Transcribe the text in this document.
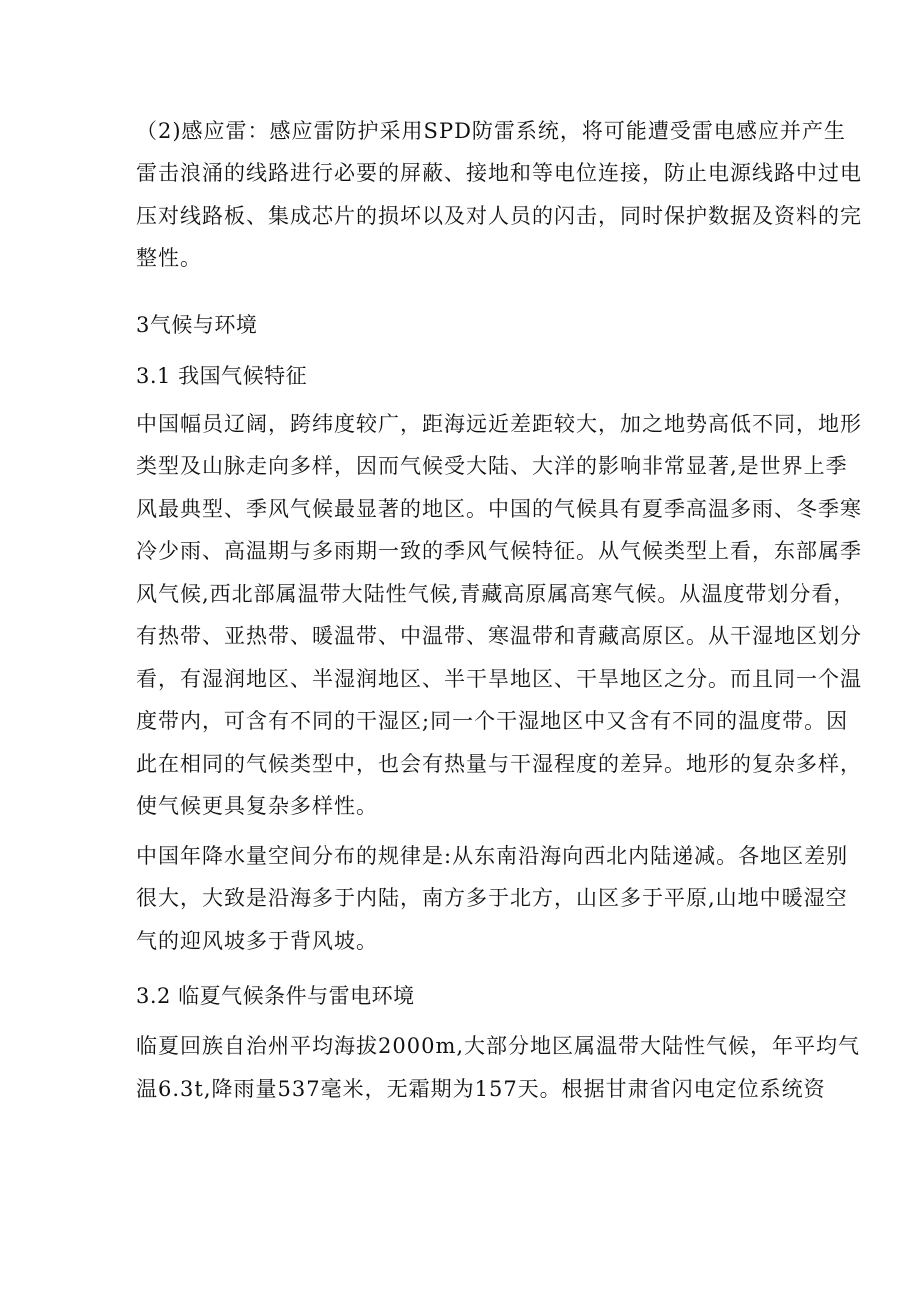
（2)感应雷：感应雷防护采用SPD防雷系统，将可能遭受雷电感应并产生
雷击浪涌的线路进行必要的屏蔽、接地和等电位连接，防止电源线路中过电
压对线路板、集成芯片的损坏以及对人员的闪击，同时保护数据及资料的完
整性。
3气候与环境
3.1 我国气候特征
中国幅员辽阔，跨纬度较广，距海远近差距较大，加之地势高低不同，地形
类型及山脉走向多样，因而气候受大陆、大洋的影响非常显著,是世界上季
风最典型、季风气候最显著的地区。中国的气候具有夏季高温多雨、冬季寒
冷少雨、高温期与多雨期一致的季风气候特征。从气候类型上看，东部属季
风气候,西北部属温带大陆性气候,青藏高原属高寒气候。从温度带划分看，
有热带、亚热带、暖温带、中温带、寒温带和青藏高原区。从干湿地区划分
看，有湿润地区、半湿润地区、半干旱地区、干旱地区之分。而且同一个温
度带内，可含有不同的干湿区;同一个干湿地区中又含有不同的温度带。因
此在相同的气候类型中，也会有热量与干湿程度的差异。地形的复杂多样，
使气候更具复杂多样性。
中国年降水量空间分布的规律是:从东南沿海向西北内陆递减。各地区差别
很大，大致是沿海多于内陆，南方多于北方，山区多于平原,山地中暖湿空
气的迎风坡多于背风坡。
3.2 临夏气候条件与雷电环境
临夏回族自治州平均海拔2000m,大部分地区属温带大陆性气候，年平均气
温6.3t,降雨量537毫米，无霜期为157天。根据甘肃省闪电定位系统资
